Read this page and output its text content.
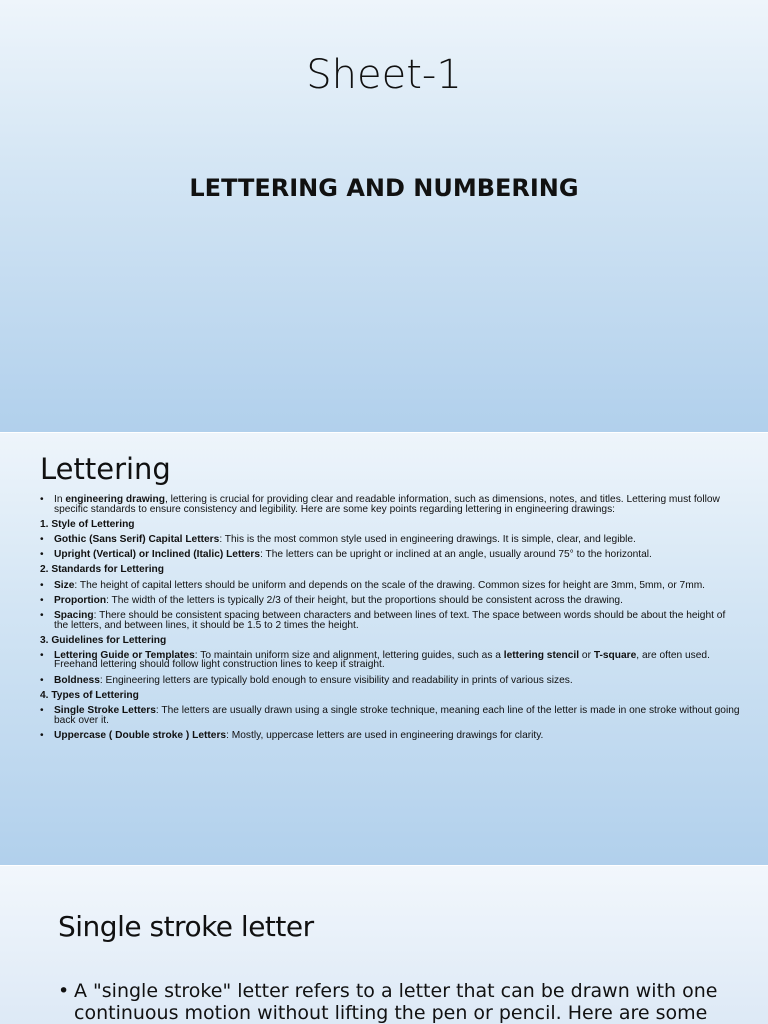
Sheet-1
LETTERING AND NUMBERING
Lettering
• In engineering drawing, lettering is crucial for providing clear and readable information, such as dimensions, notes, and titles. Lettering must follow specific standards to ensure consistency and legibility. Here are some key points regarding lettering in engineering drawings:
1. Style of Lettering
• Gothic (Sans Serif) Capital Letters: This is the most common style used in engineering drawings. It is simple, clear, and legible.
• Upright (Vertical) or Inclined (Italic) Letters: The letters can be upright or inclined at an angle, usually around 75° to the horizontal.
2. Standards for Lettering
• Size: The height of capital letters should be uniform and depends on the scale of the drawing. Common sizes for height are 3mm, 5mm, or 7mm.
• Proportion: The width of the letters is typically 2/3 of their height, but the proportions should be consistent across the drawing.
• Spacing: There should be consistent spacing between characters and between lines of text. The space between words should be about the height of the letters, and between lines, it should be 1.5 to 2 times the height.
3. Guidelines for Lettering
• Lettering Guide or Templates: To maintain uniform size and alignment, lettering guides, such as a lettering stencil or T-square, are often used. Freehand lettering should follow light construction lines to keep it straight.
• Boldness: Engineering letters are typically bold enough to ensure visibility and readability in prints of various sizes.
4. Types of Lettering
• Single Stroke Letters: The letters are usually drawn using a single stroke technique, meaning each line of the letter is made in one stroke without going back over it.
• Uppercase ( Double stroke ) Letters: Mostly, uppercase letters are used in engineering drawings for clarity.
Single stroke letter
• A "single stroke" letter refers to a letter that can be drawn with one continuous motion without lifting the pen or pencil. Here are some
